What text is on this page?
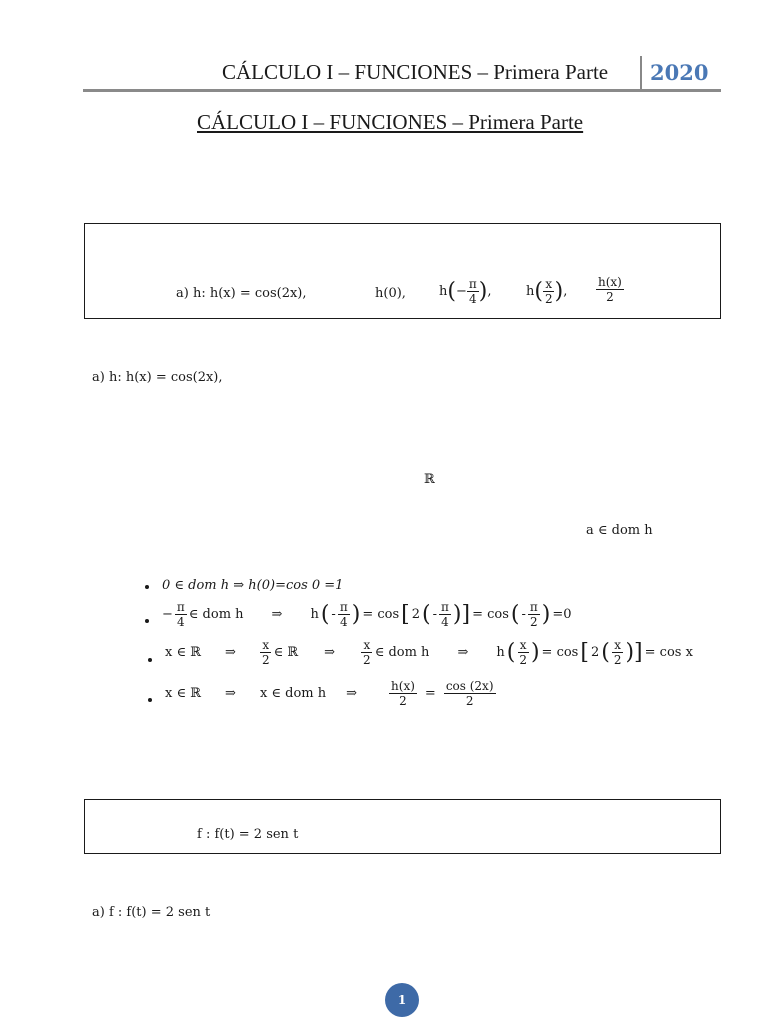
CÁLCULO I – FUNCIONES – Primera Parte 2020
CÁLCULO I – FUNCIONES – Primera Parte
a) h: h(x) = cos(2x),	h(0),	h ( − $\frac{\pi}{4}$ ) ,	h ( $\frac{x}{2}$ ) , $\frac{h(x)}{2}$
a) h: h(x) = cos(2x),
ℝ
a ∈ dom h
0 ∈ dom h ⇒ h(0)=cos 0 =1
− $\frac{\pi}{4}$ ∈ dom h ⇒ h ( - $\frac{\pi}{4}$ ) = cos [ 2 ( - $\frac{\pi}{4}$ )] = cos ( - $\frac{\pi}{2}$ ) =0
x ∈ ℝ ⇒ $\frac{x}{2}$ ∈ ℝ ⇒ $\frac{x}{2}$ ∈ dom h ⇒ h ( $\frac{x}{2}$ ) = cos [ 2 ( $\frac{x}{2}$ )] = cos x
x ∈ ℝ ⇒ x ∈ dom h ⇒	$\frac{h(x)}{2} = \frac{\cos (2x)}{2}$
f : f(t) = 2 sen t
a) f : f(t) = 2 sen t
1
